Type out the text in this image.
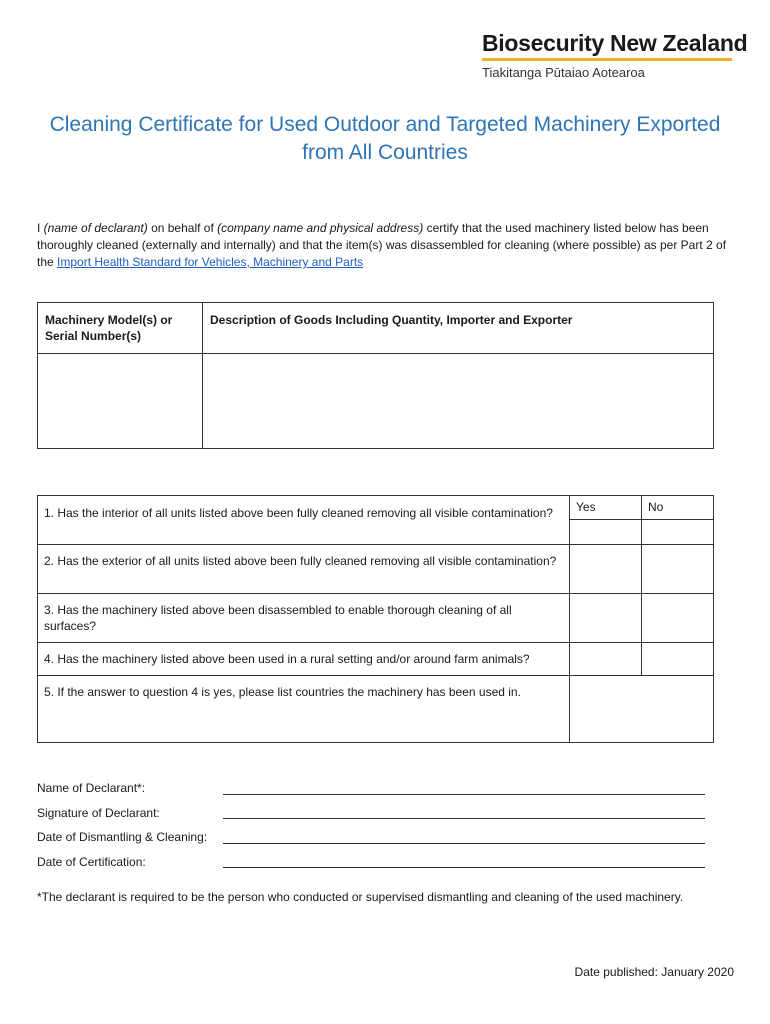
Biosecurity New Zealand
Tiakitanga Pūtaiao Aotearoa
Cleaning Certificate for Used Outdoor and Targeted Machinery Exported
from All Countries
I (name of declarant) on behalf of (company name and physical address) certify that the used machinery listed below has been thoroughly cleaned (externally and internally) and that the item(s) was disassembled for cleaning (where possible) as per Part 2 of the Import Health Standard for Vehicles, Machinery and Parts
Machinery Model(s) or Serial Number(s)	Description of Goods Including Quantity, Importer and Exporter

1. Has the interior of all units listed above been fully cleaned removing all visible contamination?	Yes	No

2. Has the exterior of all units listed above been fully cleaned removing all visible contamination?		
3. Has the machinery listed above been disassembled to enable thorough cleaning of all surfaces?		
4. Has the machinery listed above been used in a rural setting and/or around farm animals?		
5. If the answer to question 4 is yes, please list countries the machinery has been used in.		
Name of Declarant*:
Signature of Declarant:
Date of Dismantling & Cleaning:
Date of Certification:
*The declarant is required to be the person who conducted or supervised dismantling and cleaning of the used machinery.
Date published: January 2020
